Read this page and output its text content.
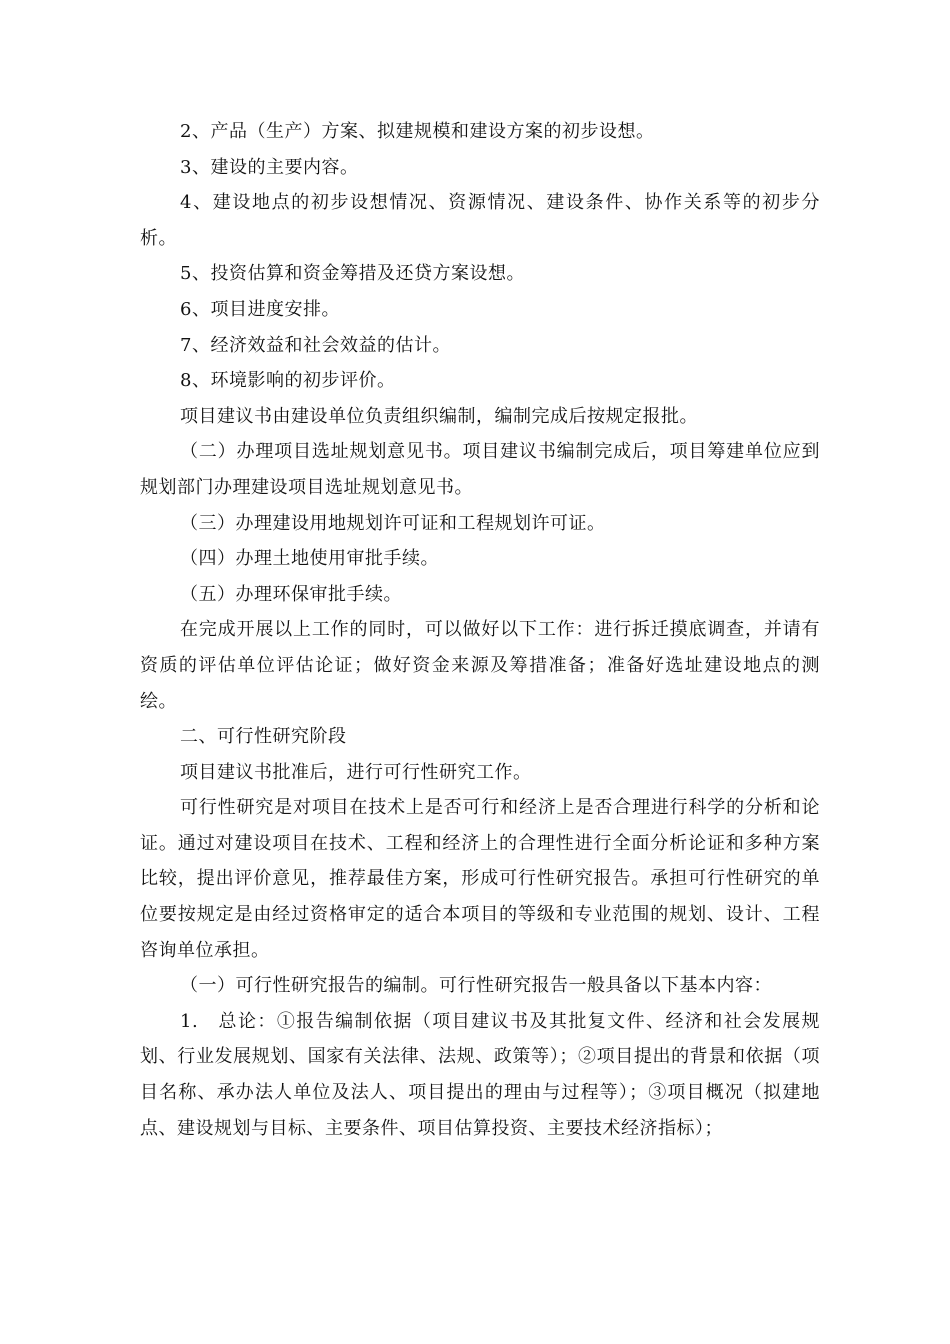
2、产品（生产）方案、拟建规模和建设方案的初步设想。

3、建设的主要内容。

4、建设地点的初步设想情况、资源情况、建设条件、协作关系等的初步分析。

5、投资估算和资金筹措及还贷方案设想。

6、项目进度安排。

7、经济效益和社会效益的估计。

8、环境影响的初步评价。

项目建议书由建设单位负责组织编制，编制完成后按规定报批。

（二）办理项目选址规划意见书。项目建议书编制完成后，项目筹建单位应到规划部门办理建设项目选址规划意见书。

（三）办理建设用地规划许可证和工程规划许可证。

（四）办理土地使用审批手续。

（五）办理环保审批手续。

在完成开展以上工作的同时，可以做好以下工作：进行拆迁摸底调查，并请有资质的评估单位评估论证；做好资金来源及筹措准备；准备好选址建设地点的测绘。

二、可行性研究阶段

项目建议书批准后，进行可行性研究工作。

可行性研究是对项目在技术上是否可行和经济上是否合理进行科学的分析和论证。通过对建设项目在技术、工程和经济上的合理性进行全面分析论证和多种方案比较，提出评价意见，推荐最佳方案，形成可行性研究报告。承担可行性研究的单位要按规定是由经过资格审定的适合本项目的等级和专业范围的规划、设计、工程咨询单位承担。

（一）可行性研究报告的编制。可行性研究报告一般具备以下基本内容：

1.　总论：①报告编制依据（项目建议书及其批复文件、经济和社会发展规划、行业发展规划、国家有关法律、法规、政策等）；②项目提出的背景和依据（项目名称、承办法人单位及法人、项目提出的理由与过程等）；③项目概况（拟建地点、建设规划与目标、主要条件、项目估算投资、主要技术经济指标）；
